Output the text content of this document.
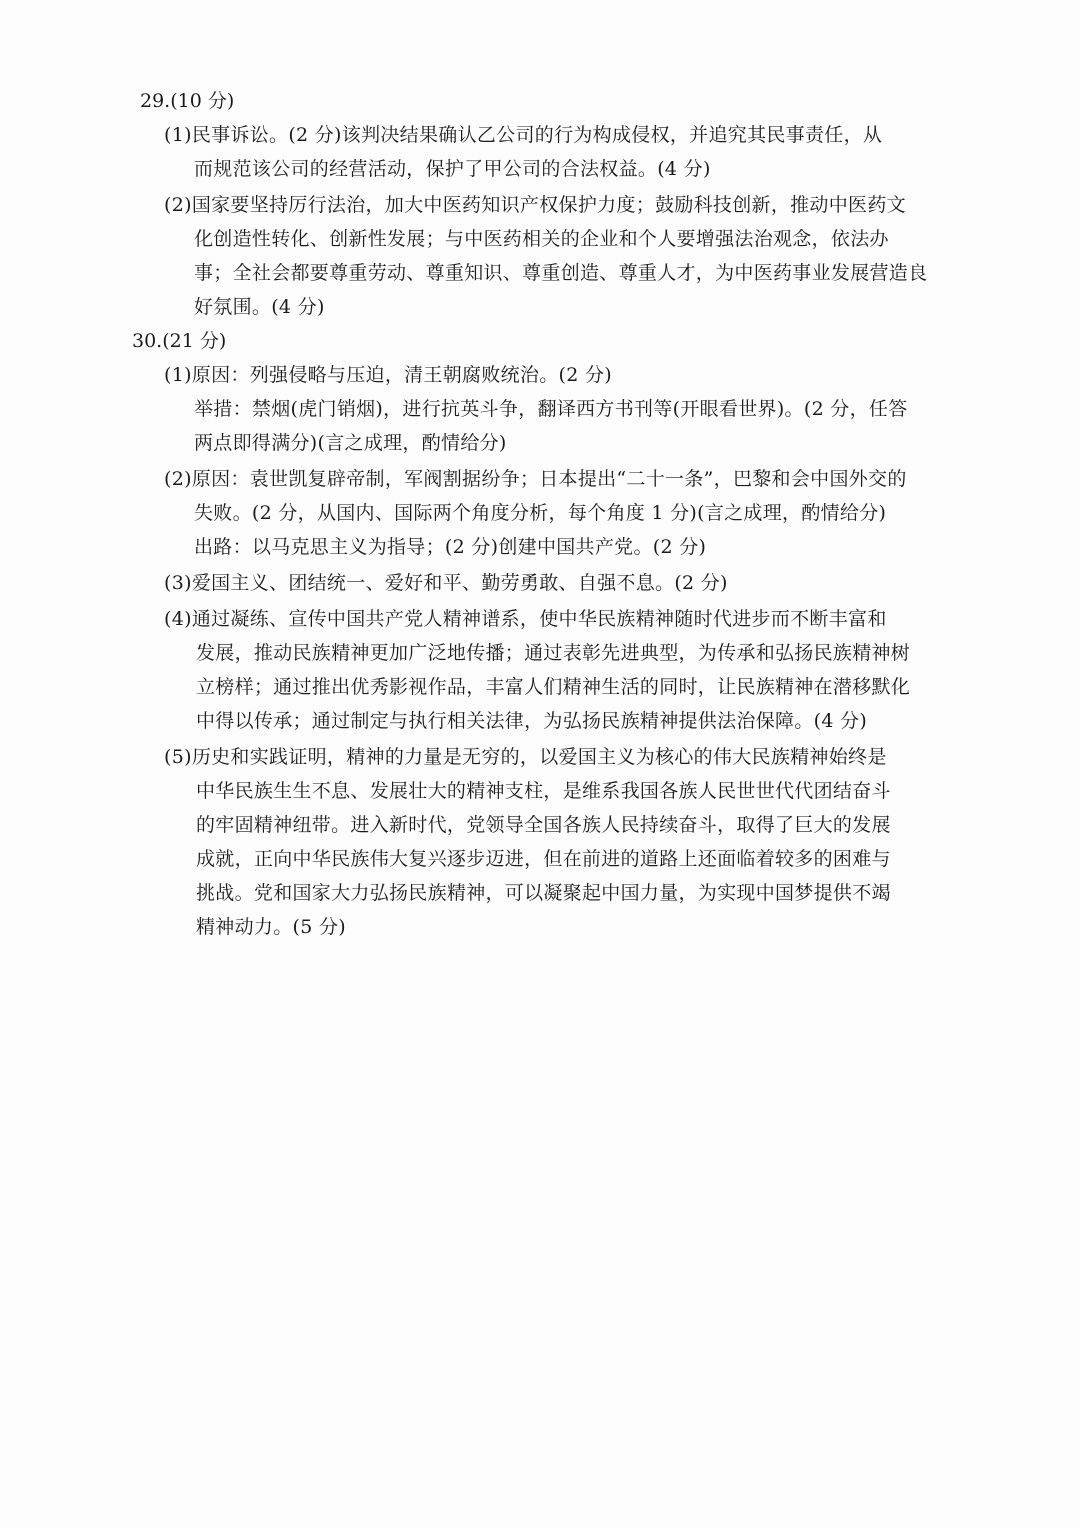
29.(10 分)
(1)民事诉讼。(2 分)该判决结果确认乙公司的行为构成侵权，并追究其民事责任，从
而规范该公司的经营活动，保护了甲公司的合法权益。(4 分)
(2)国家要坚持厉行法治，加大中医药知识产权保护力度；鼓励科技创新，推动中医药文
化创造性转化、创新性发展；与中医药相关的企业和个人要增强法治观念，依法办
事；全社会都要尊重劳动、尊重知识、尊重创造、尊重人才，为中医药事业发展营造良
好氛围。(4 分)
30.(21 分)
(1)原因：列强侵略与压迫，清王朝腐败统治。(2 分)
举措：禁烟(虎门销烟)，进行抗英斗争，翻译西方书刊等(开眼看世界)。(2 分，任答
两点即得满分)(言之成理，酌情给分)
(2)原因：袁世凯复辟帝制，军阀割据纷争；日本提出“二十一条”，巴黎和会中国外交的
失败。(2 分，从国内、国际两个角度分析，每个角度 1 分)(言之成理，酌情给分)
出路：以马克思主义为指导；(2 分)创建中国共产党。(2 分)
(3)爱国主义、团结统一、爱好和平、勤劳勇敢、自强不息。(2 分)
(4)通过凝练、宣传中国共产党人精神谱系，使中华民族精神随时代进步而不断丰富和
发展，推动民族精神更加广泛地传播；通过表彰先进典型，为传承和弘扬民族精神树
立榜样；通过推出优秀影视作品，丰富人们精神生活的同时，让民族精神在潜移默化
中得以传承；通过制定与执行相关法律，为弘扬民族精神提供法治保障。(4 分)
(5)历史和实践证明，精神的力量是无穷的，以爱国主义为核心的伟大民族精神始终是
中华民族生生不息、发展壮大的精神支柱，是维系我国各族人民世世代代团结奋斗
的牢固精神纽带。进入新时代，党领导全国各族人民持续奋斗，取得了巨大的发展
成就，正向中华民族伟大复兴逐步迈进，但在前进的道路上还面临着较多的困难与
挑战。党和国家大力弘扬民族精神，可以凝聚起中国力量，为实现中国梦提供不竭
精神动力。(5 分)
